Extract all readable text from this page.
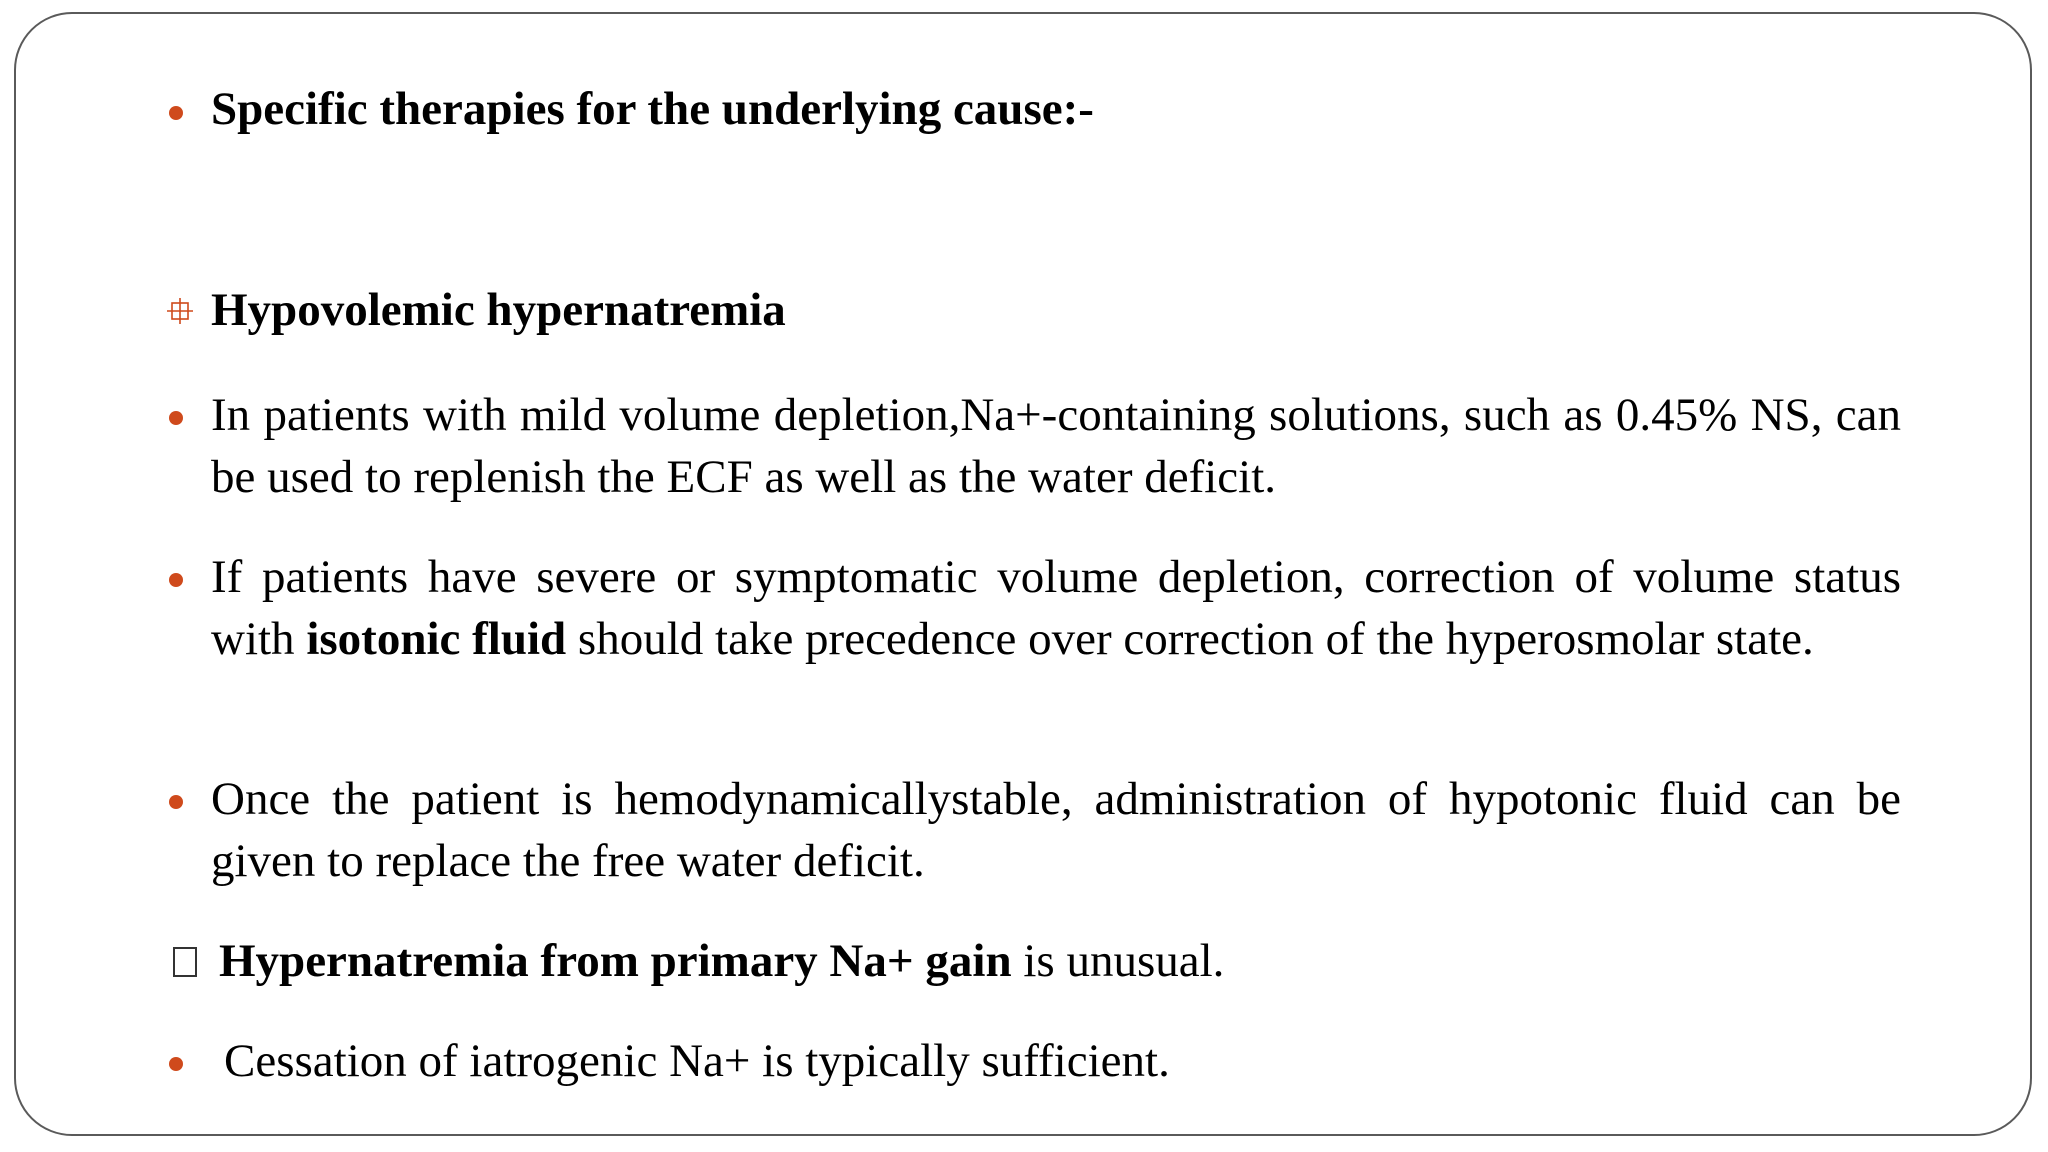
Specific therapies for the underlying cause:-

Hypovolemic hypernatremia

In patients with mild volume depletion,Na+-containing solutions, such as 0.45% NS, can be used to replenish the ECF as well as the water deficit.

If patients have severe or symptomatic volume depletion, correction of volume status with isotonic fluid should take precedence over correction of the hyperosmolar state.

Once the patient is hemodynamicallystable, administration of hypotonic fluid can be given to replace the free water deficit.

Hypernatremia from primary Na+ gain is unusual.

Cessation of iatrogenic Na+ is typically sufficient.
